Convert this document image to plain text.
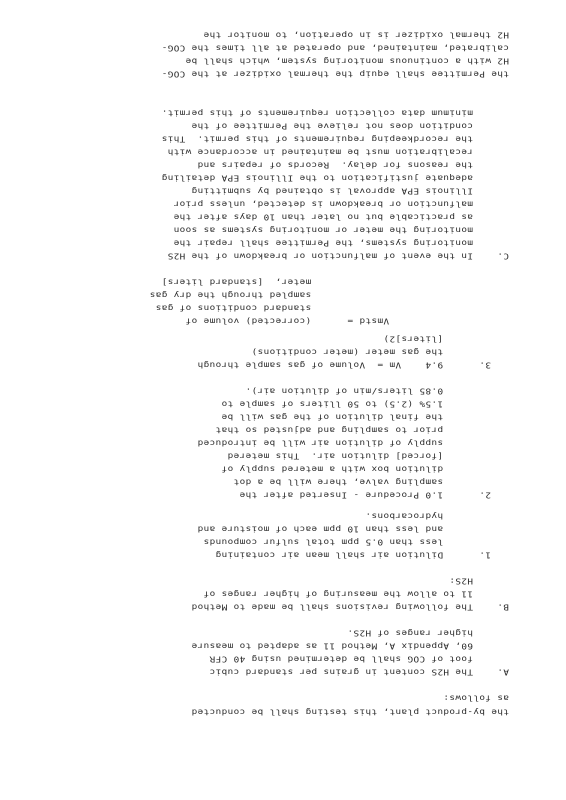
the by-product plant, this testing shall be conducted
as follows:
A.    The H2S content in grains per standard cubic
foot of COG shall be determined using 40 CFR
60, Appendix A, Method 11 as adapted to measure
higher ranges of H2S.
B.    The following revisions shall be made to Method
11 to allow the measuring of higher ranges of
H2S:
1.      Dilution air shall mean air containing
less than 0.5 ppm total sulfur compounds
and less than 10 ppm each of moisture and
hydrocarbons.
2.      1.0 Procedure - Inserted after the
sampling valve, there will be a dot
dilution box with a metered supply of
[forced] dilution air.  This metered
supply of dilution air will be introduced
prior to sampling and adjusted so that
the final dilution of the gas will be
1.5% (2.5) to 50 lliters of sample to
0.85 liters/min of dilution air).
3.      9.4    Vm =  Volume of gas sample through
the gas meter (meter conditions)
[liters]2)
Vmstd =      (corrected) volume of
standard conditions of gas
sampled through the dry gas
meter,  [standard liters]
C.    In the event of malfunction or breakdown of the H2S
monitoring systems, the Permittee shall repair the
monitoring the meter or monitoring systems as soon
as practicable but no later than 10 days after the
malfunction or breakdown is detected, unless prior
Illinois EPA approval is obtained by submitting
adequate justification to the Illinois EPA detailing
the reasons for delay.  Records of repairs and
recalibration must be maintained in accordance with
the recordkeeping requirements of this permit.  This
condition does not relieve the Permittee of the
minimum data collection requirements of this permit.
the Permittee shall equip the thermal oxidizer at the COG-
H2 with a continuous monitoring system, which shall be
calibrated, maintained, and operated at all times the COG-
H2 thermal oxidizer is in operation, to monitor the
